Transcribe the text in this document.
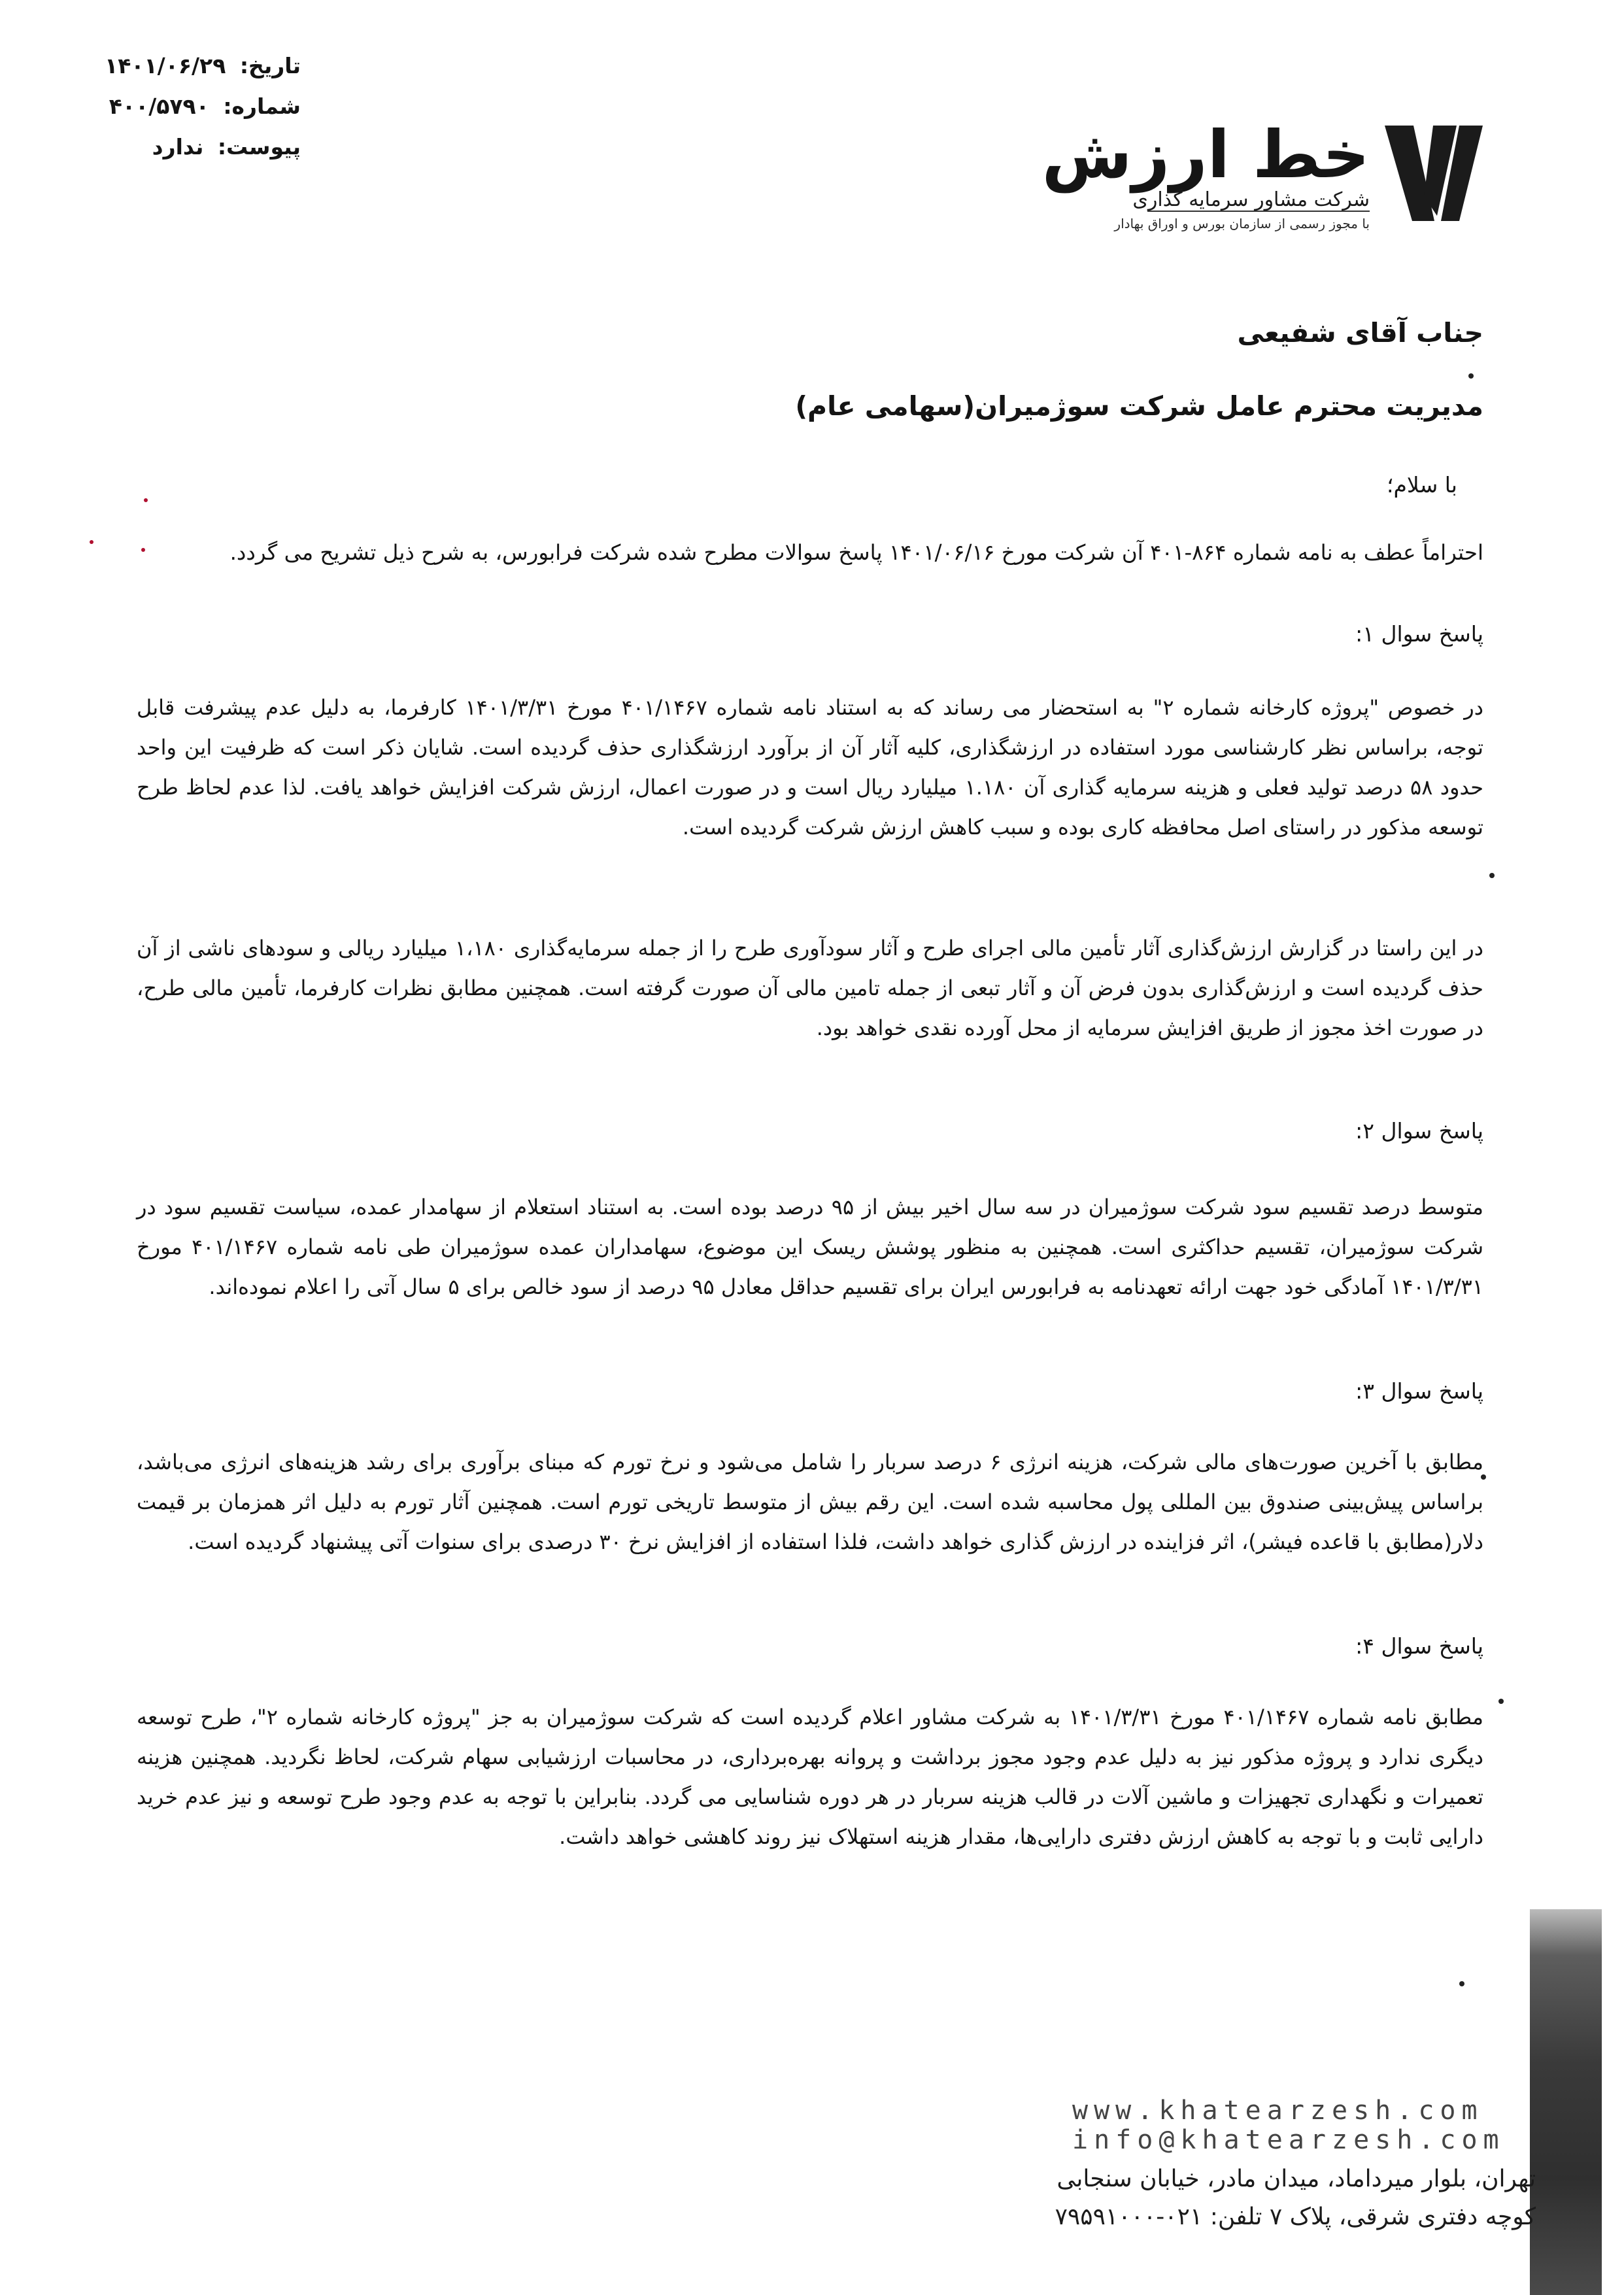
تاریخ: ۱۴۰۱/۰۶/۲۹
شماره: ۴۰۰/۵۷۹۰
پیوست: ندارد	خط ارزش
شرکت مشاور سرمایه گذاری
با مجوز رسمی از سازمان بورس و اوراق بهادار
جناب آقای شفیعی
مدیریت محترم عامل شرکت سوژمیران(سهامی عام)
با سلام؛
احتراماً عطف به نامه شماره ۸۶۴-۴۰۱ آن شرکت مورخ ۱۴۰۱/۰۶/۱۶ پاسخ سوالات مطرح شده شرکت فرابورس، به شرح ذیل تشریح می گردد.
پاسخ سوال ۱:
در خصوص "پروژه کارخانه شماره ۲" به استحضار می رساند که به استناد نامه شماره ۴۰۱/۱۴۶۷ مورخ ۱۴۰۱/۳/۳۱ کارفرما، به دلیل عدم پیشرفت قابل توجه، براساس نظر کارشناسی مورد استفاده در ارزشگذاری، کلیه آثار آن از برآورد ارزشگذاری حذف گردیده است. شایان ذکر است که ظرفیت این واحد حدود ۵۸ درصد تولید فعلی و هزینه سرمایه گذاری آن ۱.۱۸۰ میلیارد ریال است و در صورت اعمال، ارزش شرکت افزایش خواهد یافت. لذا عدم لحاظ طرح توسعه مذکور در راستای اصل محافظه کاری بوده و سبب کاهش ارزش شرکت گردیده است.
در این راستا در گزارش ارزش‌گذاری آثار تأمین مالی اجرای طرح و آثار سودآوری طرح را از جمله سرمایه‌گذاری ۱،۱۸۰ میلیارد ریالی و سودهای ناشی از آن حذف گردیده است و ارزش‌گذاری بدون فرض آن و آثار تبعی از جمله تامین مالی آن صورت گرفته است. همچنین مطابق نظرات کارفرما، تأمین مالی طرح، در صورت اخذ مجوز از طریق افزایش سرمایه از محل آورده نقدی خواهد بود.
پاسخ سوال ۲:
متوسط درصد تقسیم سود شرکت سوژمیران در سه سال اخیر بیش از ۹۵ درصد بوده است. به استناد استعلام از سهامدار عمده، سیاست تقسیم سود در شرکت سوژمیران، تقسیم حداکثری است. همچنین به منظور پوشش ریسک این موضوع، سهامداران عمده سوژمیران طی نامه شماره ۴۰۱/۱۴۶۷ مورخ ۱۴۰۱/۳/۳۱ آمادگی خود جهت ارائه تعهدنامه به فرابورس ایران برای تقسیم حداقل معادل ۹۵ درصد از سود خالص برای ۵ سال آتی را اعلام نموده‌اند.
پاسخ سوال ۳:
مطابق با آخرین صورت‌های مالی شرکت، هزینه انرژی ۶ درصد سربار را شامل می‌شود و نرخ تورم که مبنای برآوری برای رشد هزینه‌های انرژی می‌باشد، براساس پیش‌بینی صندوق بین المللی پول محاسبه شده است. این رقم بیش از متوسط تاریخی تورم است. همچنین آثار تورم به دلیل اثر همزمان بر قیمت دلار(مطابق با قاعده فیشر)، اثر فزاینده در ارزش گذاری خواهد داشت، فلذا استفاده از افزایش نرخ ۳۰ درصدی برای سنوات آتی پیشنهاد گردیده است.
پاسخ سوال ۴:
مطابق نامه شماره ۴۰۱/۱۴۶۷ مورخ ۱۴۰۱/۳/۳۱ به شرکت مشاور اعلام گردیده است که شرکت سوژمیران به جز "پروژه کارخانه شماره ۲"، طرح توسعه دیگری ندارد و پروژه مذکور نیز به دلیل عدم وجود مجوز برداشت و پروانه بهره‌برداری، در محاسبات ارزشیابی سهام شرکت، لحاظ نگردید. همچنین هزینه تعمیرات و نگهداری تجهیزات و ماشین آلات در قالب هزینه سربار در هر دوره شناسایی می گردد. بنابراین با توجه به عدم وجود طرح توسعه و نیز عدم خرید دارایی ثابت و با توجه به کاهش ارزش دفتری دارایی‌ها، مقدار هزینه استهلاک نیز روند کاهشی خواهد داشت.
www.khatearzesh.com
info@khatearzesh.com
تهران، بلوار میرداماد، میدان مادر، خیابان سنجابی
کوچه دفتری شرقی، پلاک ۷ تلفن: ۰۲۱-۷۹۵۹۱۰۰۰
